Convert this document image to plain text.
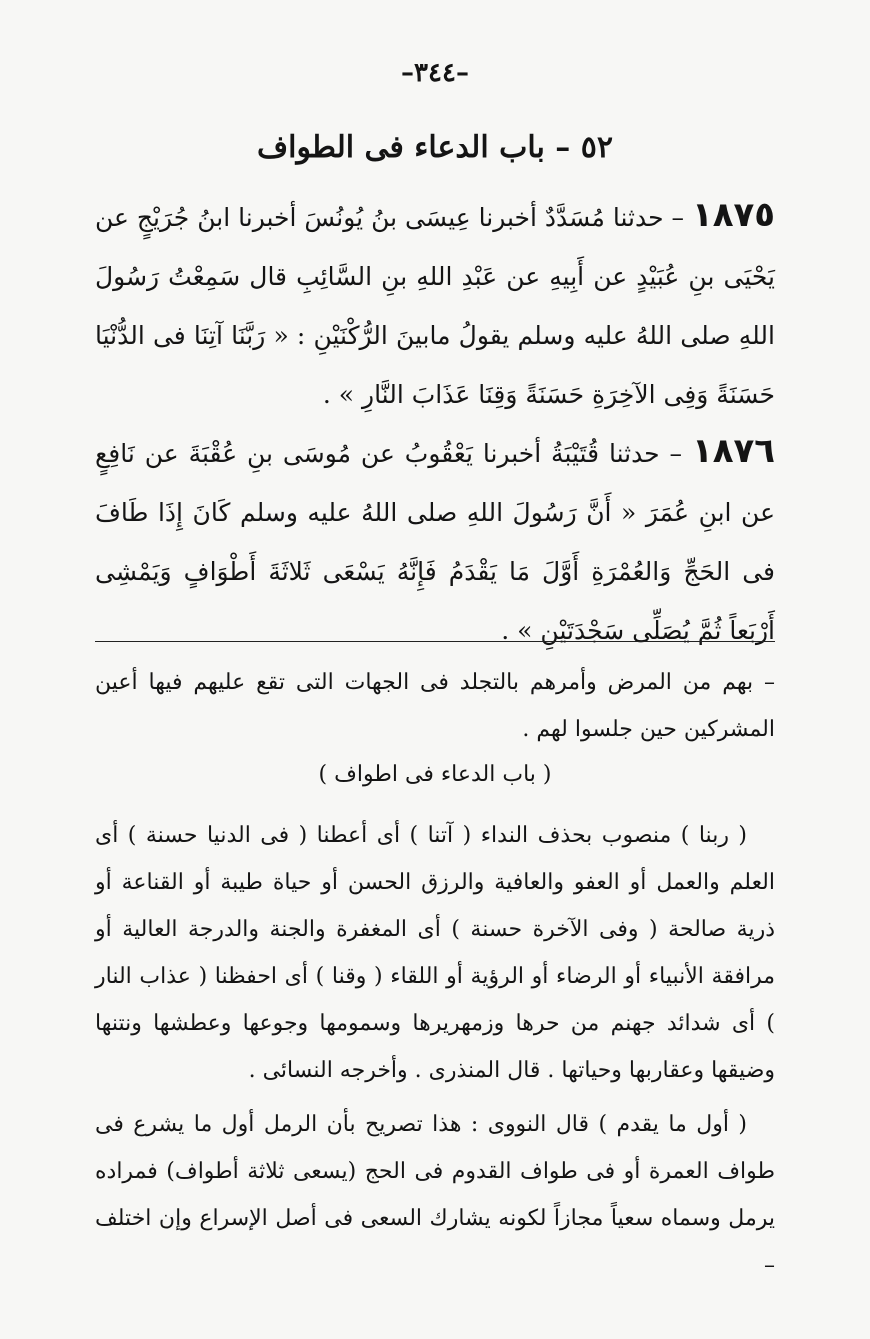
–٣٤٤–
٥٢ – باب الدعاء فى الطواف

١٨٧٥ – حدثنا مُسَدَّدٌ أخبرنا عِيسَى بنُ يُونُسَ أخبرنا ابنُ جُرَيْجٍ عن يَحْيَى بنِ عُبَيْدٍ عن أَبِيهِ عن عَبْدِ اللهِ بنِ السَّائِبِ قال سَمِعْتُ رَسُولَ اللهِ صلى اللهُ عليه وسلم يقولُ مابينَ الرُّكْنَيْنِ : « رَبَّنَا آتِنَا فى الدُّنْيَا حَسَنَةً وَفِى الآخِرَةِ حَسَنَةً وَقِنَا عَذَابَ النَّارِ » .

١٨٧٦ – حدثنا قُتَيْبَةُ أخبرنا يَعْقُوبُ عن مُوسَى بنِ عُقْبَةَ عن نَافِعٍ عن ابنِ عُمَرَ « أَنَّ رَسُولَ اللهِ صلى اللهُ عليه وسلم كَانَ إِذَا طَافَ فى الحَجِّ وَالعُمْرَةِ أَوَّلَ مَا يَقْدَمُ فَإِنَّهُ يَسْعَى ثَلاثَةَ أَطْوَافٍ وَيَمْشِى أَرْبَعاً ثُمَّ يُصَلِّى سَجْدَتَيْنِ » .

– بهم من المرض وأمرهم بالتجلد فى الجهات التى تقع عليهم فيها أعين المشركين حين جلسوا لهم .

( باب الدعاء فى اطواف )

( ربنا ) منصوب بحذف النداء ( آتنا ) أى أعطنا ( فى الدنيا حسنة ) أى العلم والعمل أو العفو والعافية والرزق الحسن أو حياة طيبة أو القناعة أو ذرية صالحة ( وفى الآخرة حسنة ) أى المغفرة والجنة والدرجة العالية أو مرافقة الأنبياء أو الرضاء أو الرؤية أو اللقاء ( وقنا ) أى احفظنا ( عذاب النار ) أى شدائد جهنم من حرها وزمهريرها وسمومها وجوعها وعطشها ونتنها وضيقها وعقاربها وحياتها . قال المنذرى . وأخرجه النسائى .

( أول ما يقدم ) قال النووى : هذا تصريح بأن الرمل أول ما يشرع فى طواف العمرة أو فى طواف القدوم فى الحج (يسعى ثلاثة أطواف) فمراده يرمل وسماه سعياً مجازاً لكونه يشارك السعى فى أصل الإسراع وإن اختلف –
